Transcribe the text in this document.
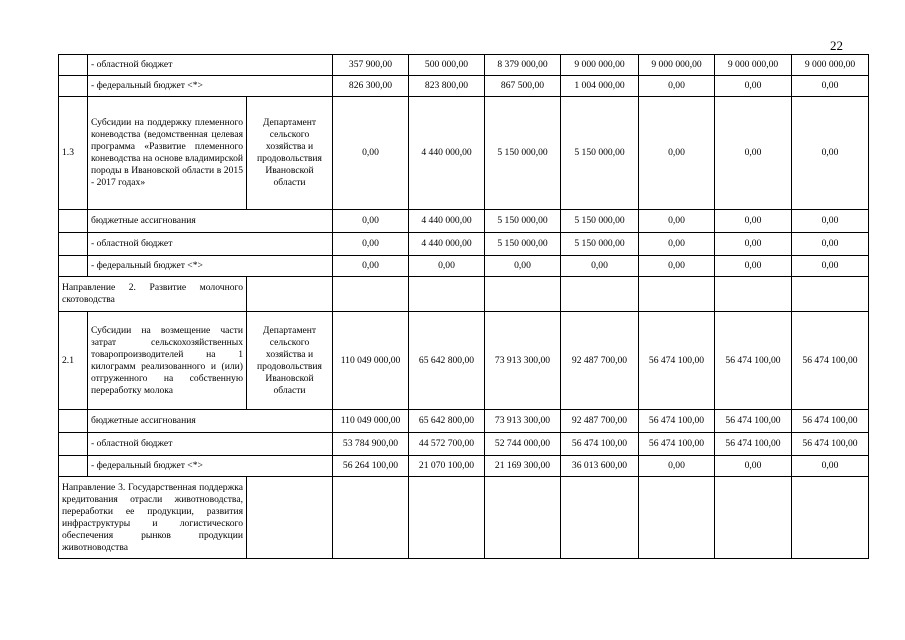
22
	- областной бюджет		357 900,00	500 000,00	8 379 000,00	9 000 000,00	9 000 000,00	9 000 000,00	9 000 000,00
	- федеральный бюджет <*>		826 300,00	823 800,00	867 500,00	1 004 000,00	0,00	0,00	0,00
1.3	Субсидии на поддержку племенного коневодства (ведомственная целевая программа «Развитие племенного коневодства на основе владимирской породы в Ивановской области в 2015 - 2017 годах»	Департамент сельского хозяйства и продовольствия Ивановской области	0,00	4 440 000,00	5 150 000,00	5 150 000,00	0,00	0,00	0,00
	бюджетные ассигнования		0,00	4 440 000,00	5 150 000,00	5 150 000,00	0,00	0,00	0,00
	- областной бюджет		0,00	4 440 000,00	5 150 000,00	5 150 000,00	0,00	0,00	0,00
	- федеральный бюджет <*>		0,00	0,00	0,00	0,00	0,00	0,00	0,00
Направление 2. Развитие молочного скотоводства									
2.1	Субсидии на возмещение части затрат сельскохозяйственных товаропроизводителей на 1 килограмм реализованного и (или) отгруженного на собственную переработку молока	Департамент сельского хозяйства и продовольствия Ивановской области	110 049 000,00	65 642 800,00	73 913 300,00	92 487 700,00	56 474 100,00	56 474 100,00	56 474 100,00
	бюджетные ассигнования		110 049 000,00	65 642 800,00	73 913 300,00	92 487 700,00	56 474 100,00	56 474 100,00	56 474 100,00
	- областной бюджет		53 784 900,00	44 572 700,00	52 744 000,00	56 474 100,00	56 474 100,00	56 474 100,00	56 474 100,00
	- федеральный бюджет <*>		56 264 100,00	21 070 100,00	21 169 300,00	36 013 600,00	0,00	0,00	0,00
Направление 3. Государственная поддержка кредитования отрасли животноводства, переработки ее продукции, развития инфраструктуры и логистического обеспечения рынков продукции животноводства									
